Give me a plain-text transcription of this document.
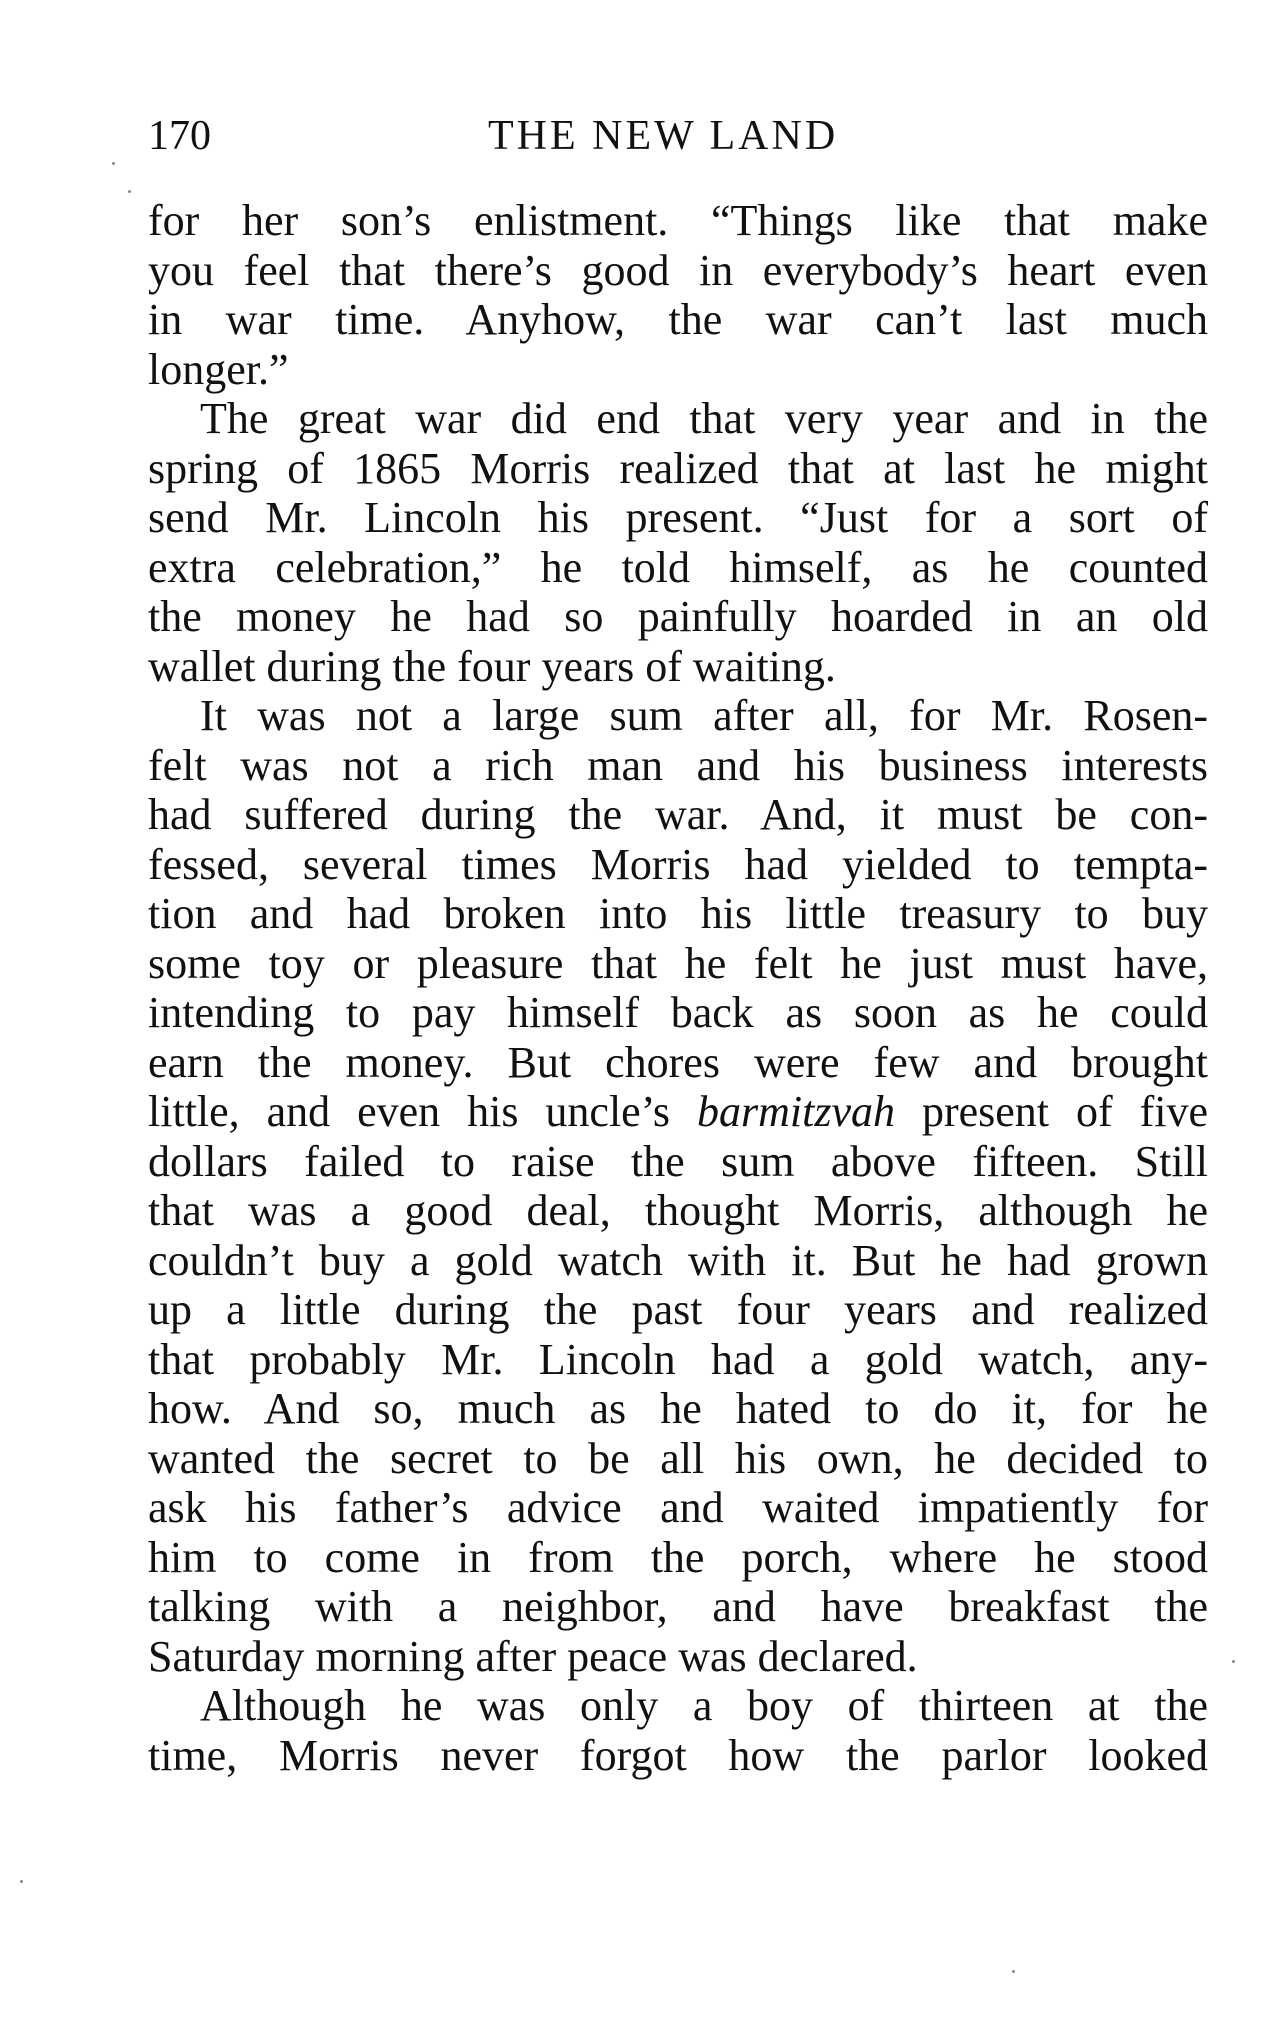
170	THE NEW LAND
for her son’s enlistment. “Things like that make
you feel that there’s good in everybody’s heart even
in war time. Anyhow, the war can’t last much
longer.”
The great war did end that very year and in the
spring of 1865 Morris realized that at last he might
send Mr. Lincoln his present. “Just for a sort of
extra celebration,” he told himself, as he counted
the money he had so painfully hoarded in an old
wallet during the four years of waiting.
It was not a large sum after all, for Mr. Rosen-
felt was not a rich man and his business interests
had suffered during the war. And, it must be con-
fessed, several times Morris had yielded to tempta-
tion and had broken into his little treasury to buy
some toy or pleasure that he felt he just must have,
intending to pay himself back as soon as he could
earn the money. But chores were few and brought
little, and even his uncle’s barmitzvah present of five
dollars failed to raise the sum above fifteen. Still
that was a good deal, thought Morris, although he
couldn’t buy a gold watch with it. But he had grown
up a little during the past four years and realized
that probably Mr. Lincoln had a gold watch, any-
how. And so, much as he hated to do it, for he
wanted the secret to be all his own, he decided to
ask his father’s advice and waited impatiently for
him to come in from the porch, where he stood
talking with a neighbor, and have breakfast the
Saturday morning after peace was declared.
Although he was only a boy of thirteen at the
time, Morris never forgot how the parlor looked
